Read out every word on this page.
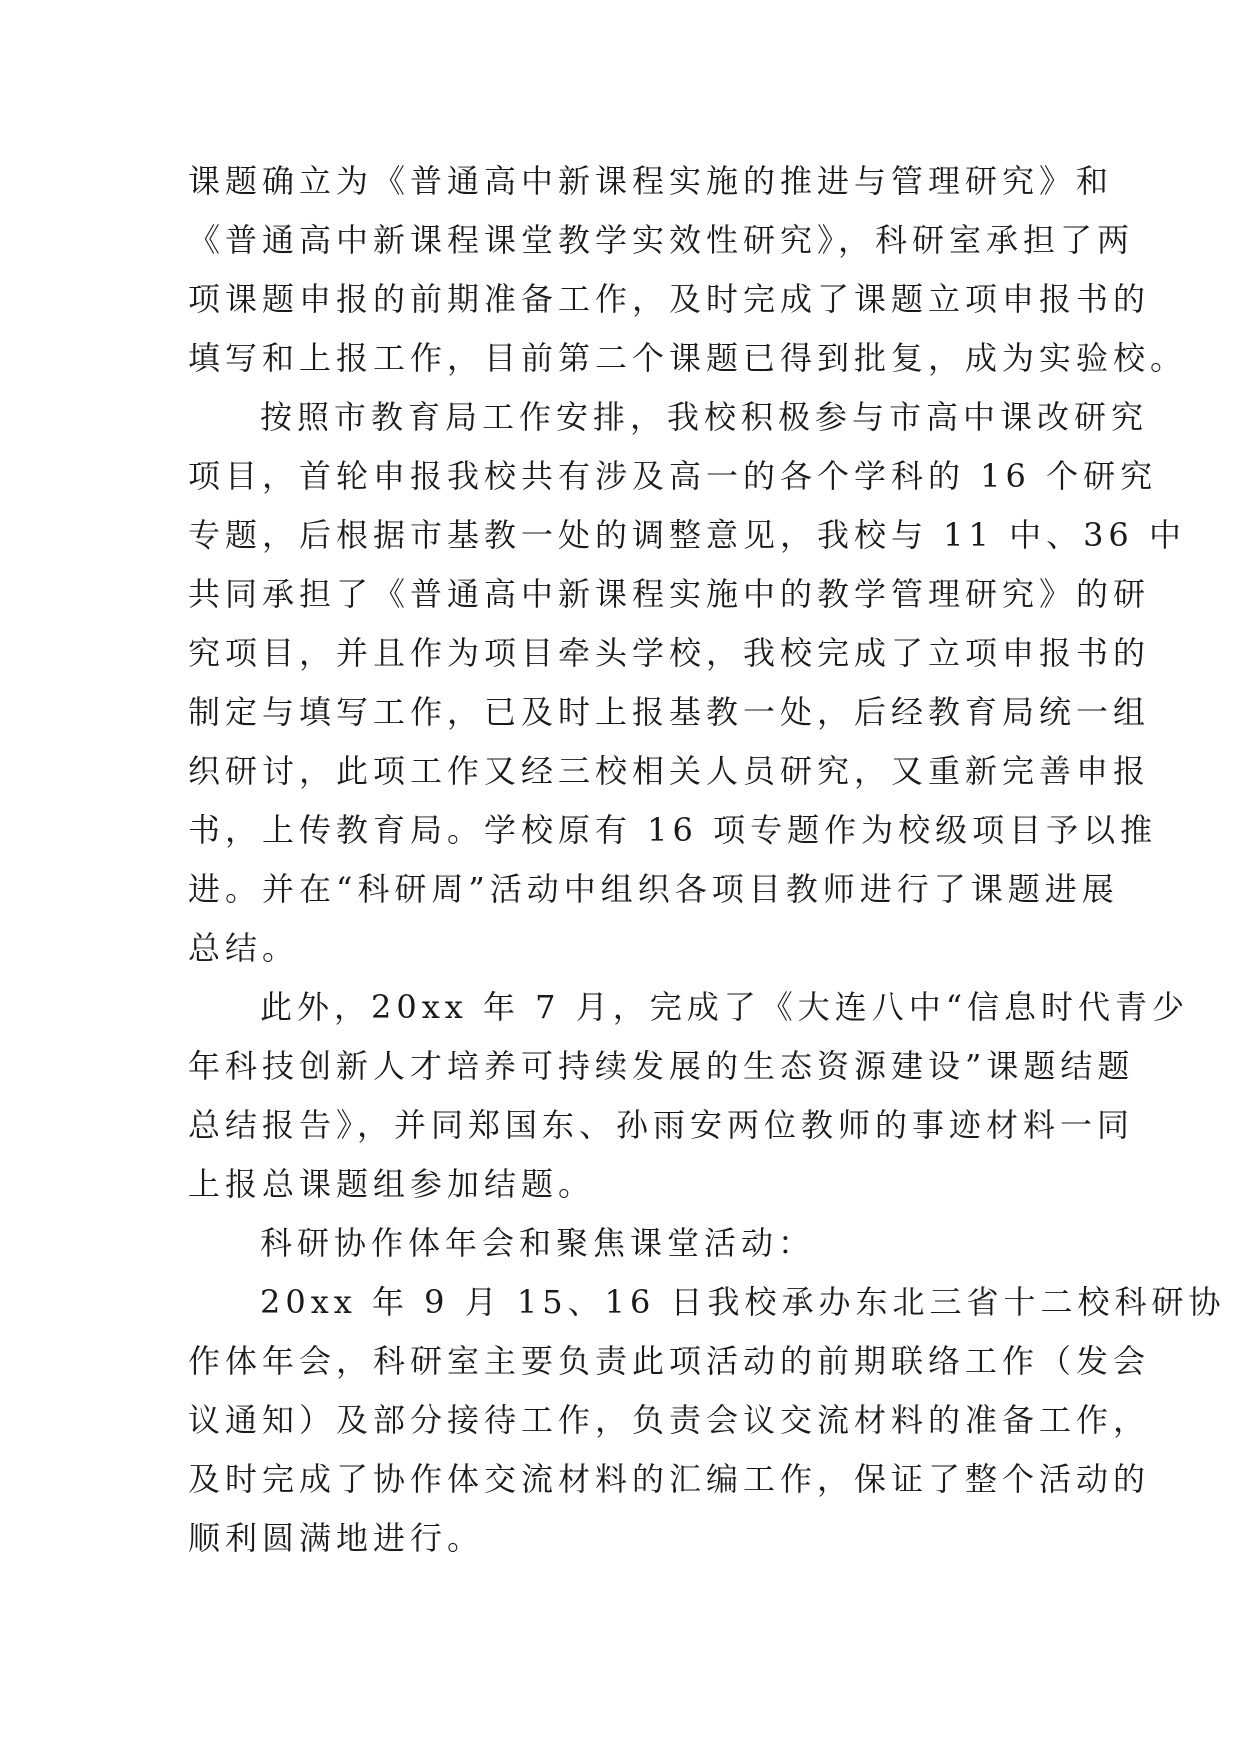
课题确立为《普通高中新课程实施的推进与管理研究》和
《普通高中新课程课堂教学实效性研究》，科研室承担了两
项课题申报的前期准备工作，及时完成了课题立项申报书的
填写和上报工作，目前第二个课题已得到批复，成为实验校。
按照市教育局工作安排，我校积极参与市高中课改研究
项目，首轮申报我校共有涉及高一的各个学科的 16 个研究
专题，后根据市基教一处的调整意见，我校与 11 中、36 中
共同承担了《普通高中新课程实施中的教学管理研究》的研
究项目，并且作为项目牵头学校，我校完成了立项申报书的
制定与填写工作，已及时上报基教一处，后经教育局统一组
织研讨，此项工作又经三校相关人员研究，又重新完善申报
书，上传教育局。学校原有 16 项专题作为校级项目予以推
进。并在“科研周”活动中组织各项目教师进行了课题进展
总结。
此外，20xx 年 7 月，完成了《大连八中“信息时代青少
年科技创新人才培养可持续发展的生态资源建设”课题结题
总结报告》，并同郑国东、孙雨安两位教师的事迹材料一同
上报总课题组参加结题。
科研协作体年会和聚焦课堂活动：
20xx 年 9 月 15、16 日我校承办东北三省十二校科研协
作体年会，科研室主要负责此项活动的前期联络工作（发会
议通知）及部分接待工作，负责会议交流材料的准备工作，
及时完成了协作体交流材料的汇编工作，保证了整个活动的
顺利圆满地进行。
